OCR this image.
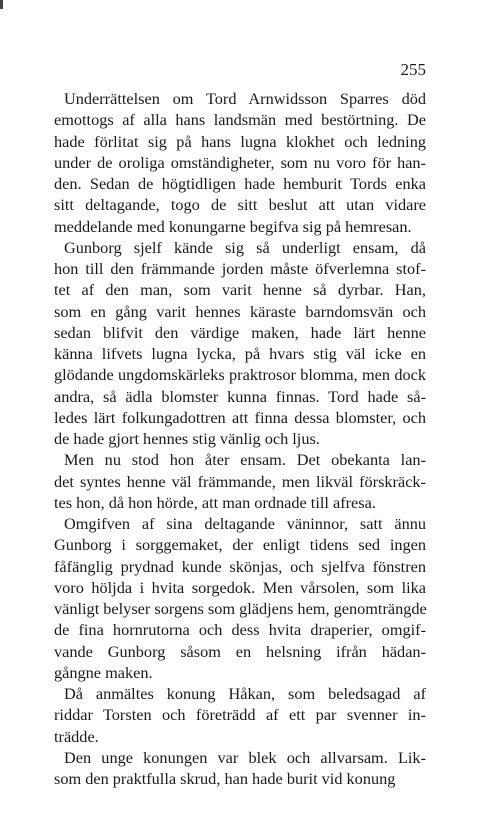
255
Underrättelsen om Tord Arnwidsson Sparres död
emottogs af alla hans landsmän med bestörtning. De
hade förlitat sig på hans lugna klokhet och ledning
under de oroliga omständigheter, som nu voro för han-
den. Sedan de högtidligen hade hemburit Tords enka
sitt deltagande, togo de sitt beslut att utan vidare
meddelande med konungarne begifva sig på hemresan.
Gunborg sjelf kände sig så underligt ensam, då
hon till den främmande jorden måste öfverlemna stof-
tet af den man, som varit henne så dyrbar. Han,
som en gång varit hennes käraste barndomsvän och
sedan blifvit den värdige maken, hade lärt henne
känna lifvets lugna lycka, på hvars stig väl icke en
glödande ungdomskärleks praktrosor blomma, men dock
andra, så ädla blomster kunna finnas. Tord hade så-
ledes lärt folkungadottren att finna dessa blomster, och
de hade gjort hennes stig vänlig och ljus.
Men nu stod hon åter ensam. Det obekanta lan-
det syntes henne väl främmande, men likväl förskräck-
tes hon, då hon hörde, att man ordnade till afresa.
Omgifven af sina deltagande väninnor, satt ännu
Gunborg i sorggemaket, der enligt tidens sed ingen
fåfänglig prydnad kunde skönjas, och sjelfva fönstren
voro höljda i hvita sorgedok. Men vårsolen, som lika
vänligt belyser sorgens som glädjens hem, genomträngde
de fina hornrutorna och dess hvita draperier, omgif-
vande Gunborg såsom en helsning ifrån hädan-
gångne maken.
Då anmältes konung Håkan, som beledsagad af
riddar Torsten och företrädd af ett par svenner in-
trädde.
Den unge konungen var blek och allvarsam. Lik-
som den praktfulla skrud, han hade burit vid konung
